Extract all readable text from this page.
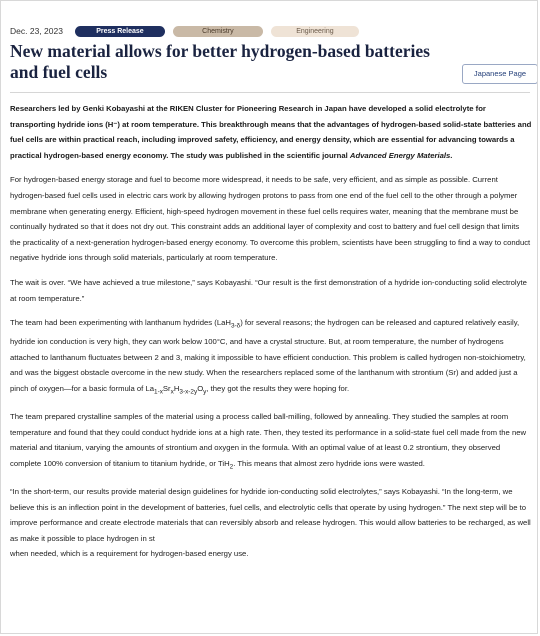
Dec. 23, 2023	Press Release	Chemistry	Engineering
New material allows for better hydrogen-based batteries and fuel cells	Japanese Page

Researchers led by Genki Kobayashi at the RIKEN Cluster for Pioneering Research in Japan have developed a solid electrolyte for transporting hydride ions (H⁻) at room temperature. This breakthrough means that the advantages of hydrogen-based solid-state batteries and fuel cells are within practical reach, including improved safety, efficiency, and energy density, which are essential for advancing towards a practical hydrogen-based energy economy. The study was published in the scientific journal Advanced Energy Materials.

For hydrogen-based energy storage and fuel to become more widespread, it needs to be safe, very efficient, and as simple as possible. Current hydrogen-based fuel cells used in electric cars work by allowing hydrogen protons to pass from one end of the fuel cell to the other through a polymer membrane when generating energy. Efficient, high-speed hydrogen movement in these fuel cells requires water, meaning that the membrane must be continually hydrated so that it does not dry out. This constraint adds an additional layer of complexity and cost to battery and fuel cell design that limits the practicality of a next-generation hydrogen-based energy economy. To overcome this problem, scientists have been struggling to find a way to conduct negative hydride ions through solid materials, particularly at room temperature.

The wait is over. “We have achieved a true milestone,” says Kobayashi. “Our result is the first demonstration of a hydride ion-conducting solid electrolyte at room temperature.”

The team had been experimenting with lanthanum hydrides (LaH$_{3-\delta}$) for several reasons; the hydrogen can be released and captured relatively easily, hydride ion conduction is very high, they can work below 100°C, and have a crystal structure. But, at room temperature, the number of hydrogens attached to lanthanum fluctuates between 2 and 3, making it impossible to have efficient conduction. This problem is called hydrogen non-stoichiometry, and was the biggest obstacle overcome in the new study. When the researchers replaced some of the lanthanum with strontium (Sr) and added just a pinch of oxygen—for a basic formula of $La_{1-x}Sr_xH_{3-x-2y}O_y$, they got the results they were hoping for.

The team prepared crystalline samples of the material using a process called ball-milling, followed by annealing. They studied the samples at room temperature and found that they could conduct hydride ions at a high rate. Then, they tested its performance in a solid-state fuel cell made from the new material and titanium, varying the amounts of strontium and oxygen in the formula. With an optimal value of at least 0.2 strontium, they observed complete 100% conversion of titanium to titanium hydride, or TiH$_2$. This means that almost zero hydride ions were wasted.

“In the short-term, our results provide material design guidelines for hydride ion-conducting solid electrolytes,” says Kobayashi. “In the long-term, we believe this is an inflection point in the development of batteries, fuel cells, and electrolytic cells that operate by using hydrogen.” The next step will be to improve performance and create electrode materials that can reversibly absorb and release hydrogen. This would allow batteries to be recharged, as well as make it possible to place hydrogen in st
when needed, which is a requirement for hydrogen-based energy use.
